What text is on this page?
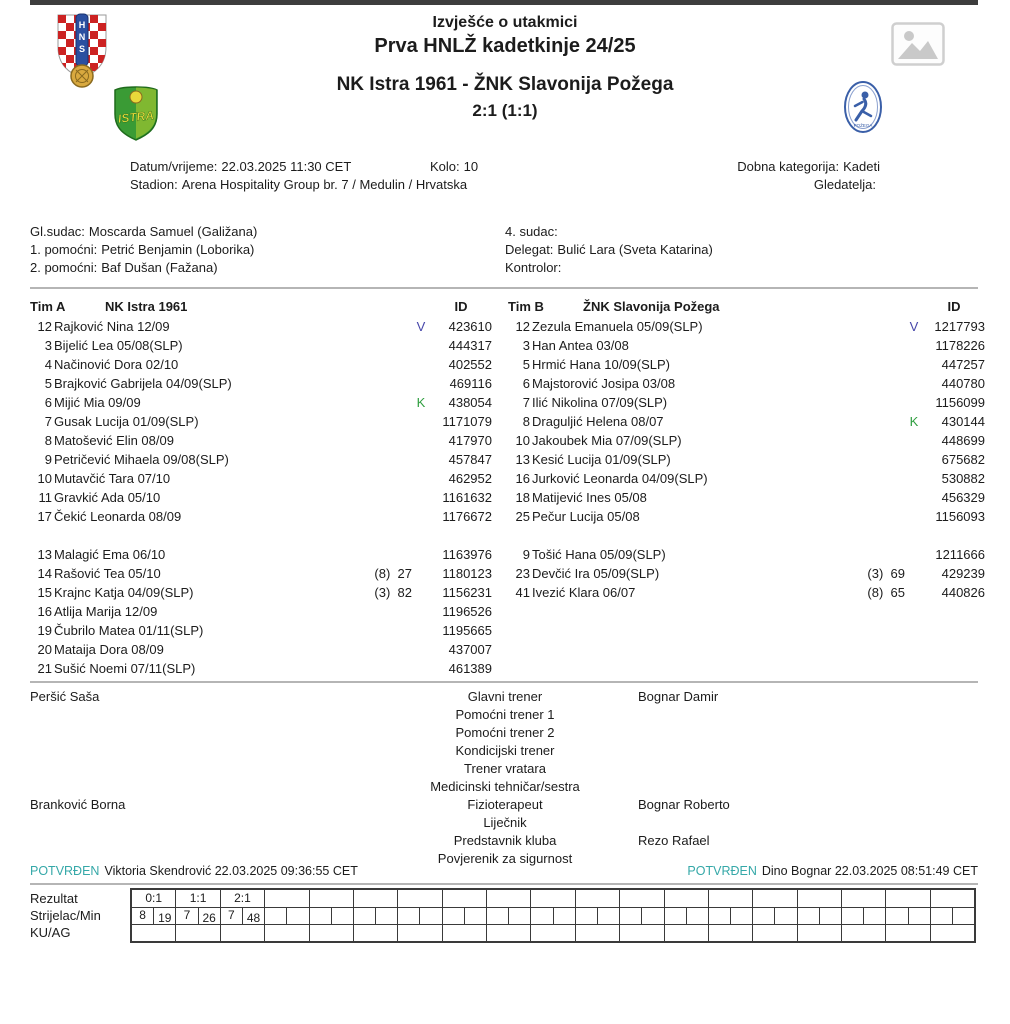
H
N
S
ISTRA	POŽEGA
Izvješće o utakmici
Prva HNLŽ kadetkinje 24/25
NK Istra 1961 - ŽNK Slavonija Požega
2:1 (1:1)
Datum/vrijeme: 22.03.2025 11:30 CET	Kolo: 10	Dobna kategorija: Kadeti
Stadion: Arena Hospitality Group br. 7 / Medulin / Hrvatska	Gledatelja:
Gl.sudac: Moscarda Samuel (Galižana)
1. pomoćni: Petrić Benjamin (Loborika)
2. pomoćni: Baf Dušan (Fažana)
4. sudac:
Delegat: Bulić Lara (Sveta Katarina)
Kontrolor:
Tim A	NK Istra 1961	ID
12 Rajković Nina 12/09	V	423610
3 Bijelić Lea 05/08(SLP)	444317
4 Načinović Dora 02/10	402552
5 Brajković Gabrijela 04/09(SLP)	469116
6 Mijić Mia 09/09	K	438054
7 Gusak Lucija 01/09(SLP)	1171079
8 Matošević Elin 08/09	417970
9 Petričević Mihaela 09/08(SLP)	457847
10 Mutavčić Tara 07/10	462952
11 Gravkić Ada 05/10	1161632
17 Čekić Leonarda 08/09	1176672
13 Malagić Ema 06/10	1163976
14 Rašović Tea 05/10	(8)  27	1180123
15 Krajnc Katja 04/09(SLP)	(3)  82	1156231
16 Atlija Marija 12/09	1196526
19 Čubrilo Matea 01/11(SLP)	1195665
20 Mataija Dora 08/09	437007
21 Sušić Noemi 07/11(SLP)	461389
Tim B	ŽNK Slavonija Požega	ID
12 Zezula Emanuela 05/09(SLP)	V	1217793
3 Han Antea 03/08	1178226
5 Hrmić Hana 10/09(SLP)	447257
6 Majstorović Josipa 03/08	440780
7 Ilić Nikolina 07/09(SLP)	1156099
8 Draguljić Helena 08/07	K	430144
10 Jakoubek Mia 07/09(SLP)	448699
13 Kesić Lucija 01/09(SLP)	675682
16 Jurković Leonarda 04/09(SLP)	530882
18 Matijević Ines 05/08	456329
25 Pečur Lucija 05/08	1156093
9 Tošić Hana 05/09(SLP)	1211666
23 Devčić Ira 05/09(SLP)	(3)  69	429239
41 Ivezić Klara 06/07	(8)  65	440826
Peršić Saša	Glavni trener	Bognar Damir
Pomoćni trener 1
Pomoćni trener 2
Kondicijski trener
Trener vratara
Medicinski tehničar/sestra
Branković Borna	Fizioterapeut	Bognar Roberto
Liječnik
Predstavnik kluba	Rezo Rafael
Povjerenik za sigurnost
POTVRĐEN Viktoria Skendrović 22.03.2025 09:36:55 CET	POTVRĐEN Dino Bognar 22.03.2025 08:51:49 CET
Rezultat
Strijelac/Min
KU/AG
0:1	1:1	2:1
8	19	7	26	7	48
